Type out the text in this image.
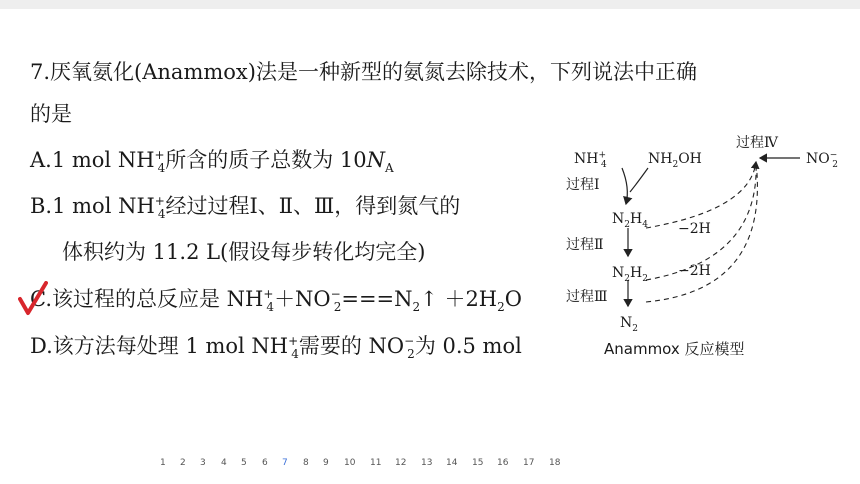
7.厌氧氨化(Anammox)法是一种新型的氨氮去除技术，下列说法中正确
的是
A.1 mol $NH^+_4$所含的质子总数为 $10N_A$
B.1 mol $NH^+_4$经过过程Ⅰ、Ⅱ、Ⅲ，得到氮气的
体积约为 11.2 L(假设每步转化均完全)
C.该过程的总反应是 $NH^+_4+NO^-_2===N_2↑ +2H_2O$
D.该方法每处理 1 mol $NH^+_4$需要的 $NO^-_2$为 0.5 mol
$NH^+_4$	$NH_2OH$
过程Ⅳ
$NO^-_2$
过程Ⅰ
$N_2H_4 -2H$
过程Ⅱ
$N_2H_2 -2H$
过程Ⅲ
$N_2$
Anammox 反应模型
1 2 3 4 5 6 7 8 9 10 11 12 13 14 15 16 17 18
